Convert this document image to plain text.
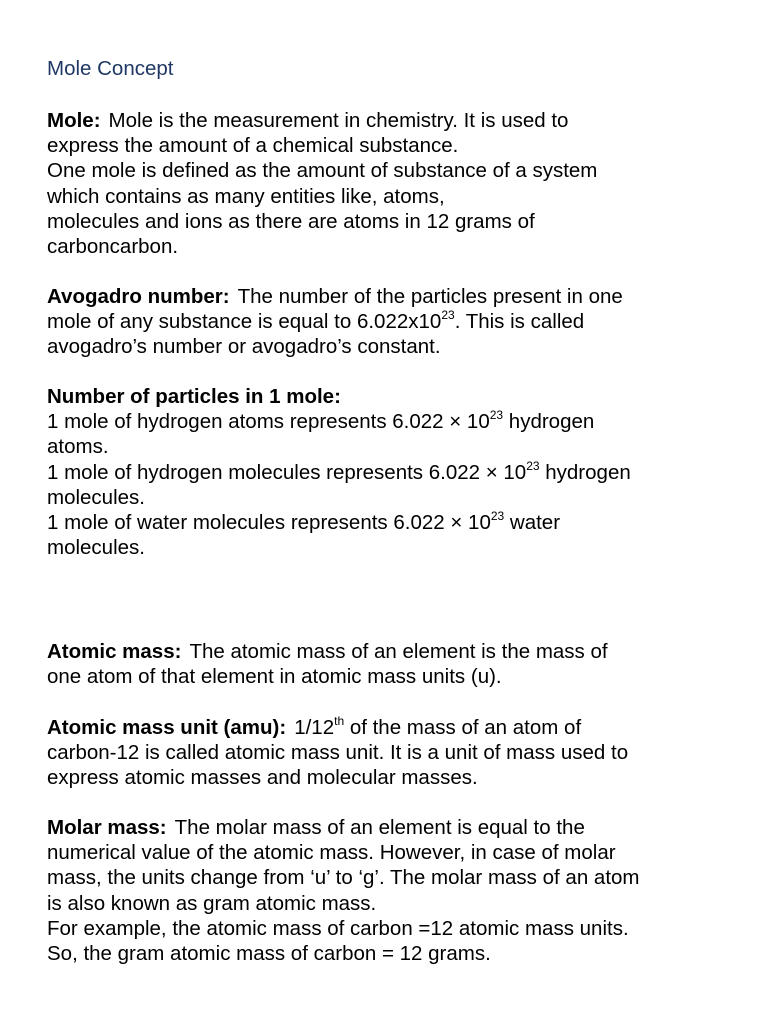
Mole Concept
Mole: Mole is the measurement in chemistry. It is used to
express the amount of a chemical substance.
One mole is defined as the amount of substance of a system
which contains as many entities like, atoms,
molecules and ions as there are atoms in 12 grams of
carboncarbon.
Avogadro number: The number of the particles present in one
mole of any substance is equal to $6.022x10^{23}$. This is called
avogadro’s number or avogadro’s constant.
Number of particles in 1 mole:
1 mole of hydrogen atoms represents $6.022 \times 10^{23}$ hydrogen
atoms.
1 mole of hydrogen molecules represents $6.022 \times 10^{23}$ hydrogen
molecules.
1 mole of water molecules represents $6.022 \times 10^{23}$ water
molecules.
Atomic mass: The atomic mass of an element is the mass of
one atom of that element in atomic mass units (u).
Atomic mass unit (amu): 1/12th of the mass of an atom of
carbon-12 is called atomic mass unit. It is a unit of mass used to
express atomic masses and molecular masses.
Molar mass: The molar mass of an element is equal to the
numerical value of the atomic mass. However, in case of molar
mass, the units change from ‘u’ to ‘g’. The molar mass of an atom
is also known as gram atomic mass.
For example, the atomic mass of carbon =12 atomic mass units.
So, the gram atomic mass of carbon = 12 grams.
